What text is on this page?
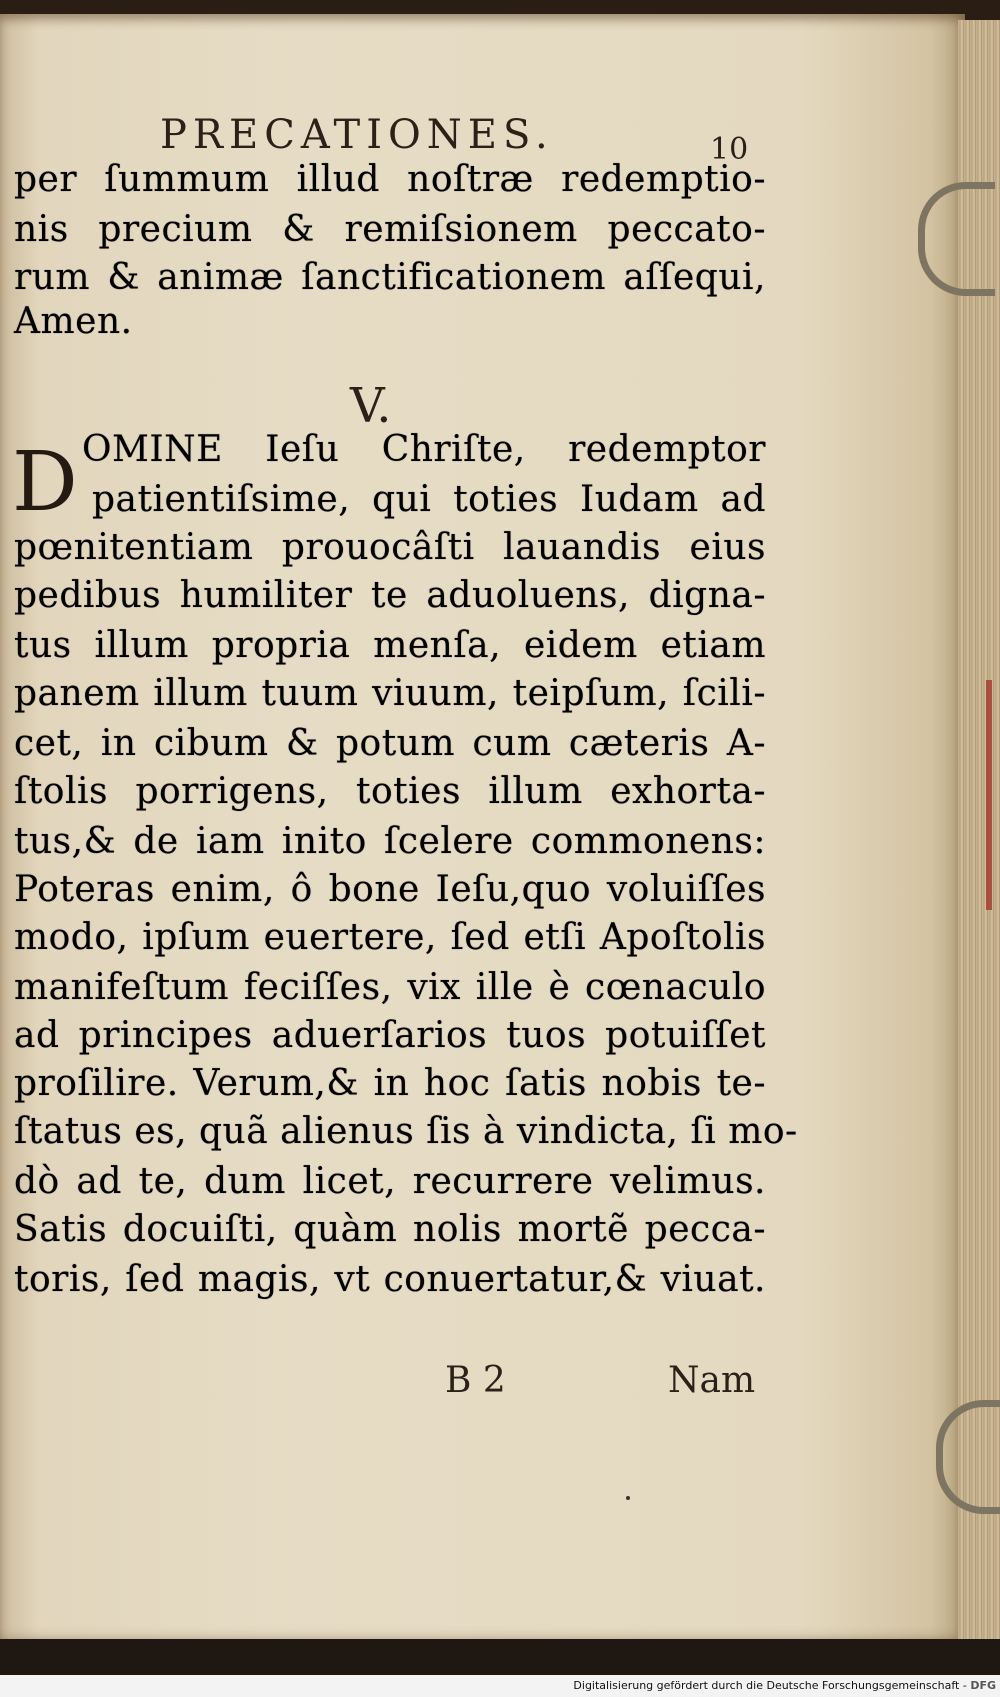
PRECATIONES.	10
per ſummum illud noſtræ redemptio-
nis precium & remiſsionem peccato-
rum & animæ ſanctificationem aſſequi,
Amen.
V.
D OMINE Ieſu Chriſte, redemptor
patientiſsime, qui toties Iudam ad
pœnitentiam prouocâſti lauandis eius
pedibus humiliter te aduoluens, digna-
tus illum propria menſa, eidem etiam
panem illum tuum viuum, teipſum, ſcili-
cet, in cibum & potum cum cæteris A-
ſtolis porrigens, toties illum exhorta-
tus,& de iam inito ſcelere commonens:
Poteras enim, ô bone Ieſu,quo voluiſſes
modo, ipſum euertere, ſed etſi Apoſtolis
manifeſtum feciſſes, vix ille è cœnaculo
ad principes aduerſarios tuos potuiſſet
proſilire. Verum,& in hoc ſatis nobis te-
ſtatus es, quã alienus ſis à vindicta, ſi mo-
dò ad te, dum licet, recurrere velimus.
Satis docuiſti, quàm nolis mortẽ pecca-
toris, ſed magis, vt conuertatur,& viuat.
B 2	Nam
Digitalisierung gefördert durch die Deutsche Forschungsgemeinschaft - DFG
